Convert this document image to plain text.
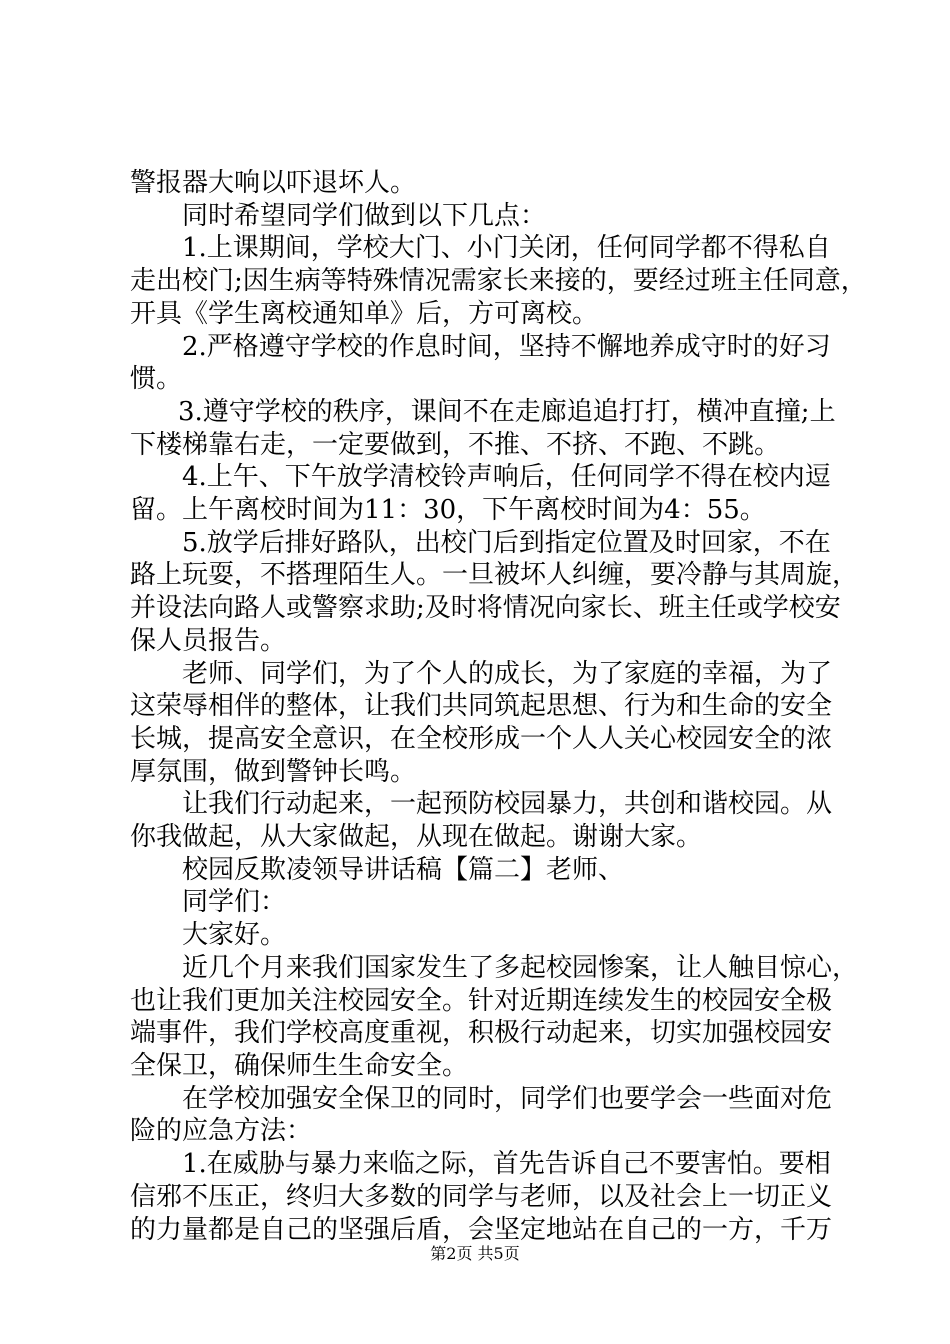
警报器大响以吓退坏人。
同时希望同学们做到以下几点：
1.上课期间，学校大门、小门关闭，任何同学都不得私自
走出校门;因生病等特殊情况需家长来接的，要经过班主任同意，
开具《学生离校通知单》后，方可离校。
2.严格遵守学校的作息时间，坚持不懈地养成守时的好习
惯。
3.遵守学校的秩序，课间不在走廊追追打打，横冲直撞;上
下楼梯靠右走，一定要做到，不推、不挤、不跑、不跳。
4.上午、下午放学清校铃声响后，任何同学不得在校内逗
留。上午离校时间为11：30，下午离校时间为4：55。
5.放学后排好路队，出校门后到指定位置及时回家，不在
路上玩耍，不搭理陌生人。一旦被坏人纠缠，要冷静与其周旋，
并设法向路人或警察求助;及时将情况向家长、班主任或学校安
保人员报告。
老师、同学们，为了个人的成长，为了家庭的幸福，为了
这荣辱相伴的整体，让我们共同筑起思想、行为和生命的安全
长城，提高安全意识，在全校形成一个人人关心校园安全的浓
厚氛围，做到警钟长鸣。
让我们行动起来，一起预防校园暴力，共创和谐校园。从
你我做起，从大家做起，从现在做起。谢谢大家。
校园反欺凌领导讲话稿【篇二】老师、
同学们：
大家好。
近几个月来我们国家发生了多起校园惨案，让人触目惊心，
也让我们更加关注校园安全。针对近期连续发生的校园安全极
端事件，我们学校高度重视，积极行动起来，切实加强校园安
全保卫，确保师生生命安全。
在学校加强安全保卫的同时，同学们也要学会一些面对危
险的应急方法：
1.在威胁与暴力来临之际，首先告诉自己不要害怕。要相
信邪不压正，终归大多数的同学与老师，以及社会上一切正义
的力量都是自己的坚强后盾，会坚定地站在自己的一方，千万
第2页 共5页
